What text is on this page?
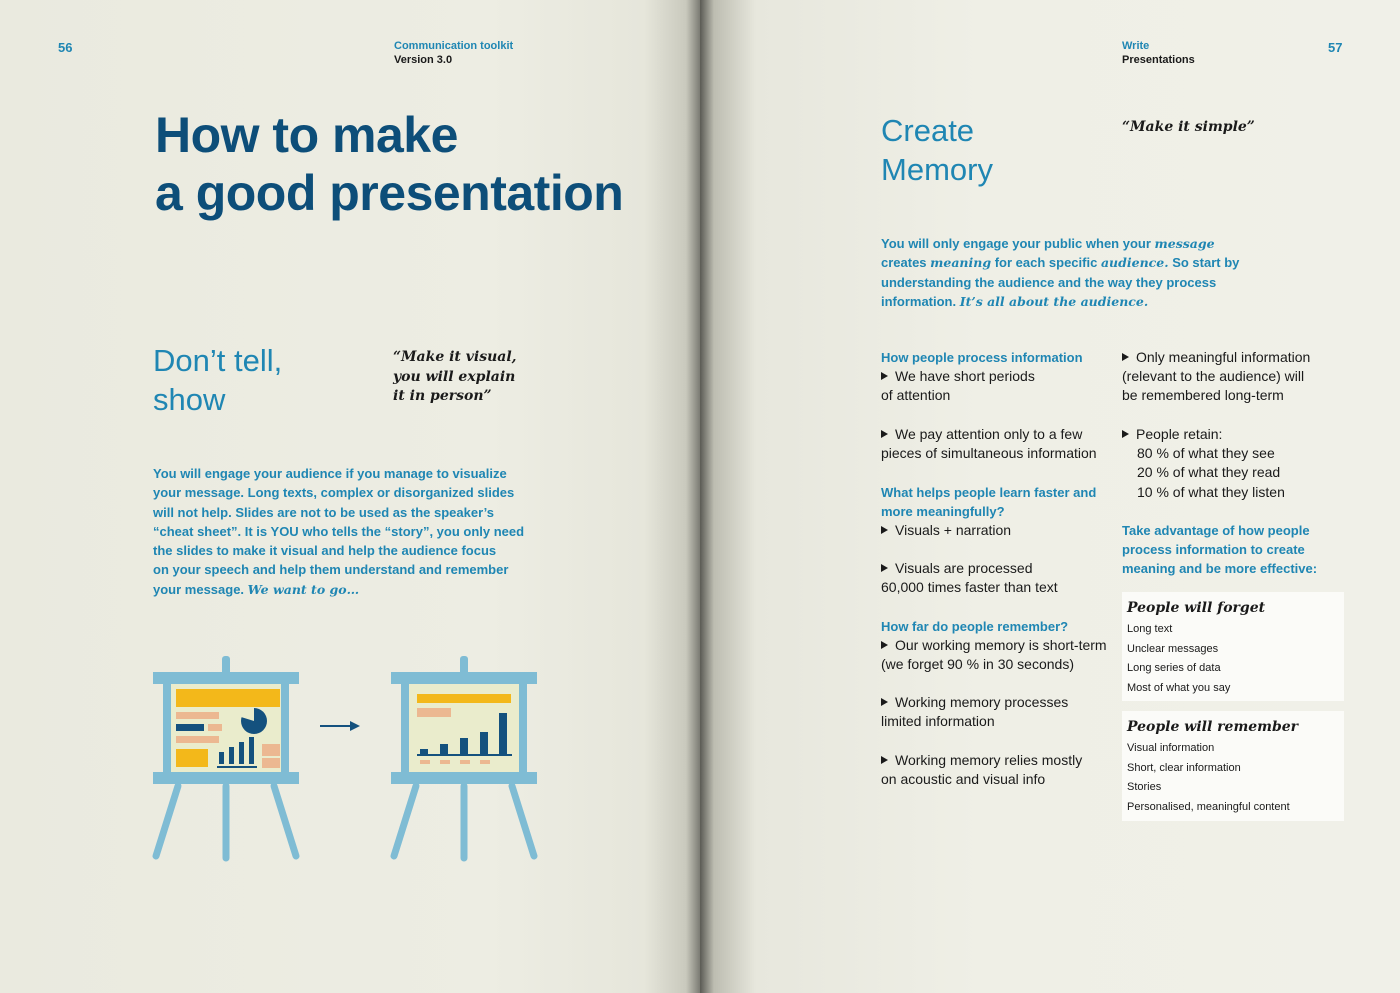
56	Communication toolkit
Version 3.0
How to make
a good presentation
Don’t tell,
show
“Make it visual,
you will explain
it in person”
You will engage your audience if you manage to visualize
your message. Long texts, complex or disorganized slides
will not help. Slides are not to be used as the speaker’s
“cheat sheet”. It is YOU who tells the “story”, you only need
the slides to make it visual and help the audience focus
on your speech and help them understand and remember
your message. We want to go…
Write
Presentations
57
Create
Memory
“Make it simple”
You will only engage your public when your message
creates meaning for each specific audience. So start by
understanding the audience and the way they process
information. It’s all about the audience.
How people process information
We have short periods
of attention
We pay attention only to a few
pieces of simultaneous information
What helps people learn faster and
more meaningfully?
Visuals + narration
Visuals are processed
60,000 times faster than text
How far do people remember?
Our working memory is short-term
(we forget 90 % in 30 seconds)
Working memory processes
limited information
Working memory relies mostly
on acoustic and visual info
Only meaningful information
(relevant to the audience) will
be remembered long-term
People retain:
80 % of what they see
20 % of what they read
10 % of what they listen
Take advantage of how people
process information to create
meaning and be more effective:
People will forget
Long text
Unclear messages
Long series of data
Most of what you say
People will remember
Visual information
Short, clear information
Stories
Personalised, meaningful content
